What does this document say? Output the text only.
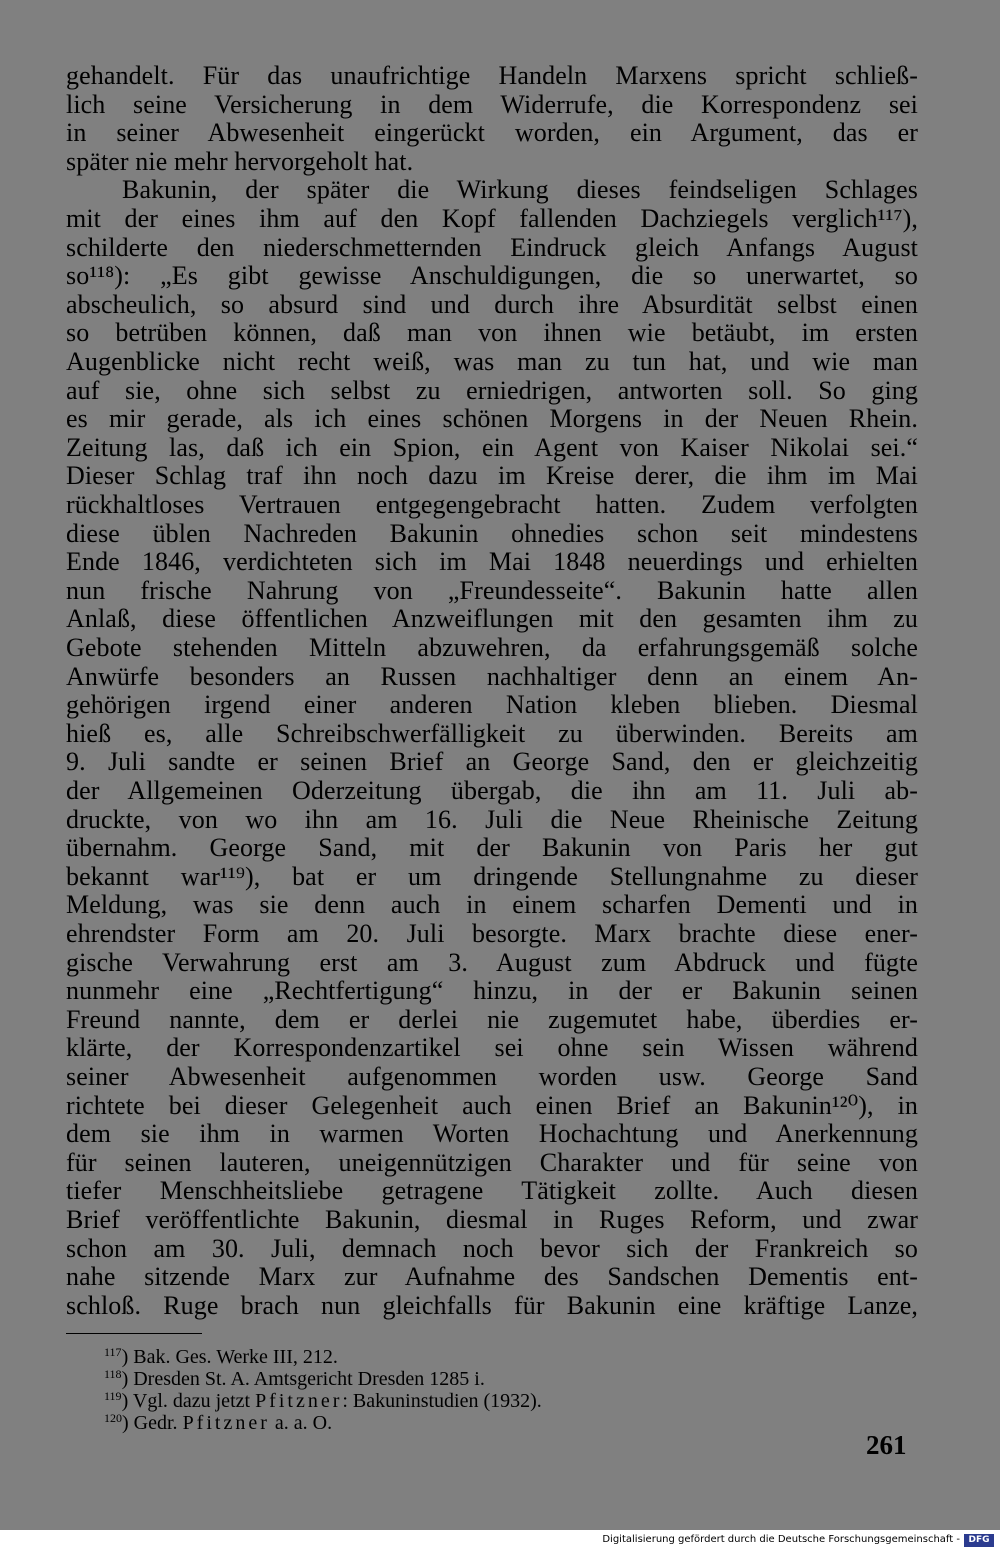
gehandelt. Für das unaufrichtige Handeln Marxens spricht schließ-
lich seine Versicherung in dem Widerrufe, die Korrespondenz sei
in seiner Abwesenheit eingerückt worden, ein Argument, das er
später nie mehr hervorgeholt hat.
Bakunin, der später die Wirkung dieses feindseligen Schlages
mit der eines ihm auf den Kopf fallenden Dachziegels verglich¹¹⁷),
schilderte den niederschmetternden Eindruck gleich Anfangs August
so¹¹⁸): „Es gibt gewisse Anschuldigungen, die so unerwartet, so
abscheulich, so absurd sind und durch ihre Absurdität selbst einen
so betrüben können, daß man von ihnen wie betäubt, im ersten
Augenblicke nicht recht weiß, was man zu tun hat, und wie man
auf sie, ohne sich selbst zu erniedrigen, antworten soll. So ging
es mir gerade, als ich eines schönen Morgens in der Neuen Rhein.
Zeitung las, daß ich ein Spion, ein Agent von Kaiser Nikolai sei.“
Dieser Schlag traf ihn noch dazu im Kreise derer, die ihm im Mai
rückhaltloses Vertrauen entgegengebracht hatten. Zudem verfolgten
diese üblen Nachreden Bakunin ohnedies schon seit mindestens
Ende 1846, verdichteten sich im Mai 1848 neuerdings und erhielten
nun frische Nahrung von „Freundesseite“. Bakunin hatte allen
Anlaß, diese öffentlichen Anzweiflungen mit den gesamten ihm zu
Gebote stehenden Mitteln abzuwehren, da erfahrungsgemäß solche
Anwürfe besonders an Russen nachhaltiger denn an einem An-
gehörigen irgend einer anderen Nation kleben blieben. Diesmal
hieß es, alle Schreibschwerfälligkeit zu überwinden. Bereits am
9. Juli sandte er seinen Brief an George Sand, den er gleichzeitig
der Allgemeinen Oderzeitung übergab, die ihn am 11. Juli ab-
druckte, von wo ihn am 16. Juli die Neue Rheinische Zeitung
übernahm. George Sand, mit der Bakunin von Paris her gut
bekannt war¹¹⁹), bat er um dringende Stellungnahme zu dieser
Meldung, was sie denn auch in einem scharfen Dementi und in
ehrendster Form am 20. Juli besorgte. Marx brachte diese ener-
gische Verwahrung erst am 3. August zum Abdruck und fügte
nunmehr eine „Rechtfertigung“ hinzu, in der er Bakunin seinen
Freund nannte, dem er derlei nie zugemutet habe, überdies er-
klärte, der Korrespondenzartikel sei ohne sein Wissen während
seiner Abwesenheit aufgenommen worden usw. George Sand
richtete bei dieser Gelegenheit auch einen Brief an Bakunin¹²⁰), in
dem sie ihm in warmen Worten Hochachtung und Anerkennung
für seinen lauteren, uneigennützigen Charakter und für seine von
tiefer Menschheitsliebe getragene Tätigkeit zollte. Auch diesen
Brief veröffentlichte Bakunin, diesmal in Ruges Reform, und zwar
schon am 30. Juli, demnach noch bevor sich der Frankreich so
nahe sitzende Marx zur Aufnahme des Sandschen Dementis ent-
schloß. Ruge brach nun gleichfalls für Bakunin eine kräftige Lanze,
$^{117}$) Bak. Ges. Werke III, 212.
$^{118}$) Dresden St. A. Amtsgericht Dresden 1285 i.
$^{119}$) Vgl. dazu jetzt Pfitzner: Bakuninstudien (1932).
$^{120}$) Gedr. Pfitzner a. a. O.
261
Digitalisierung gefördert durch die Deutsche Forschungsgemeinschaft - DFG
